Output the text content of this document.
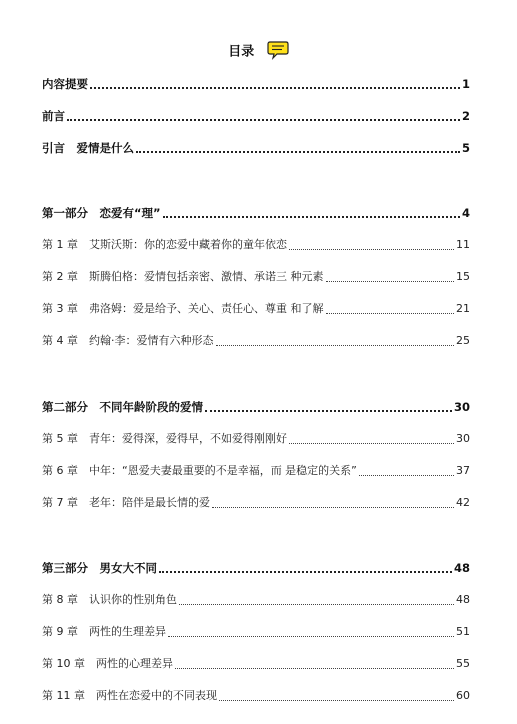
目录
内容提要	1
前言	2
引言　爱情是什么	5
第一部分　恋爱有“理”	4
第 1 章　艾斯沃斯：你的恋爱中藏着你的童年依恋	11
第 2 章　斯腾伯格：爱情包括亲密、激情、承诺三 种元素	15
第 3 章　弗洛姆：爱是给予、关心、责任心、尊重 和了解	21
第 4 章　约翰·李：爱情有六种形态	25
第二部分　不同年龄阶段的爱情	30
第 5 章　青年：爱得深，爱得早，不如爱得刚刚好	30
第 6 章　中年：“恩爱夫妻最重要的不是幸福，而 是稳定的关系”	37
第 7 章　老年：陪伴是最长情的爱	42
第三部分　男女大不同	48
第 8 章　认识你的性别角色	48
第 9 章　两性的生理差异	51
第 10 章　两性的心理差异	55
第 11 章　两性在恋爱中的不同表现	60
